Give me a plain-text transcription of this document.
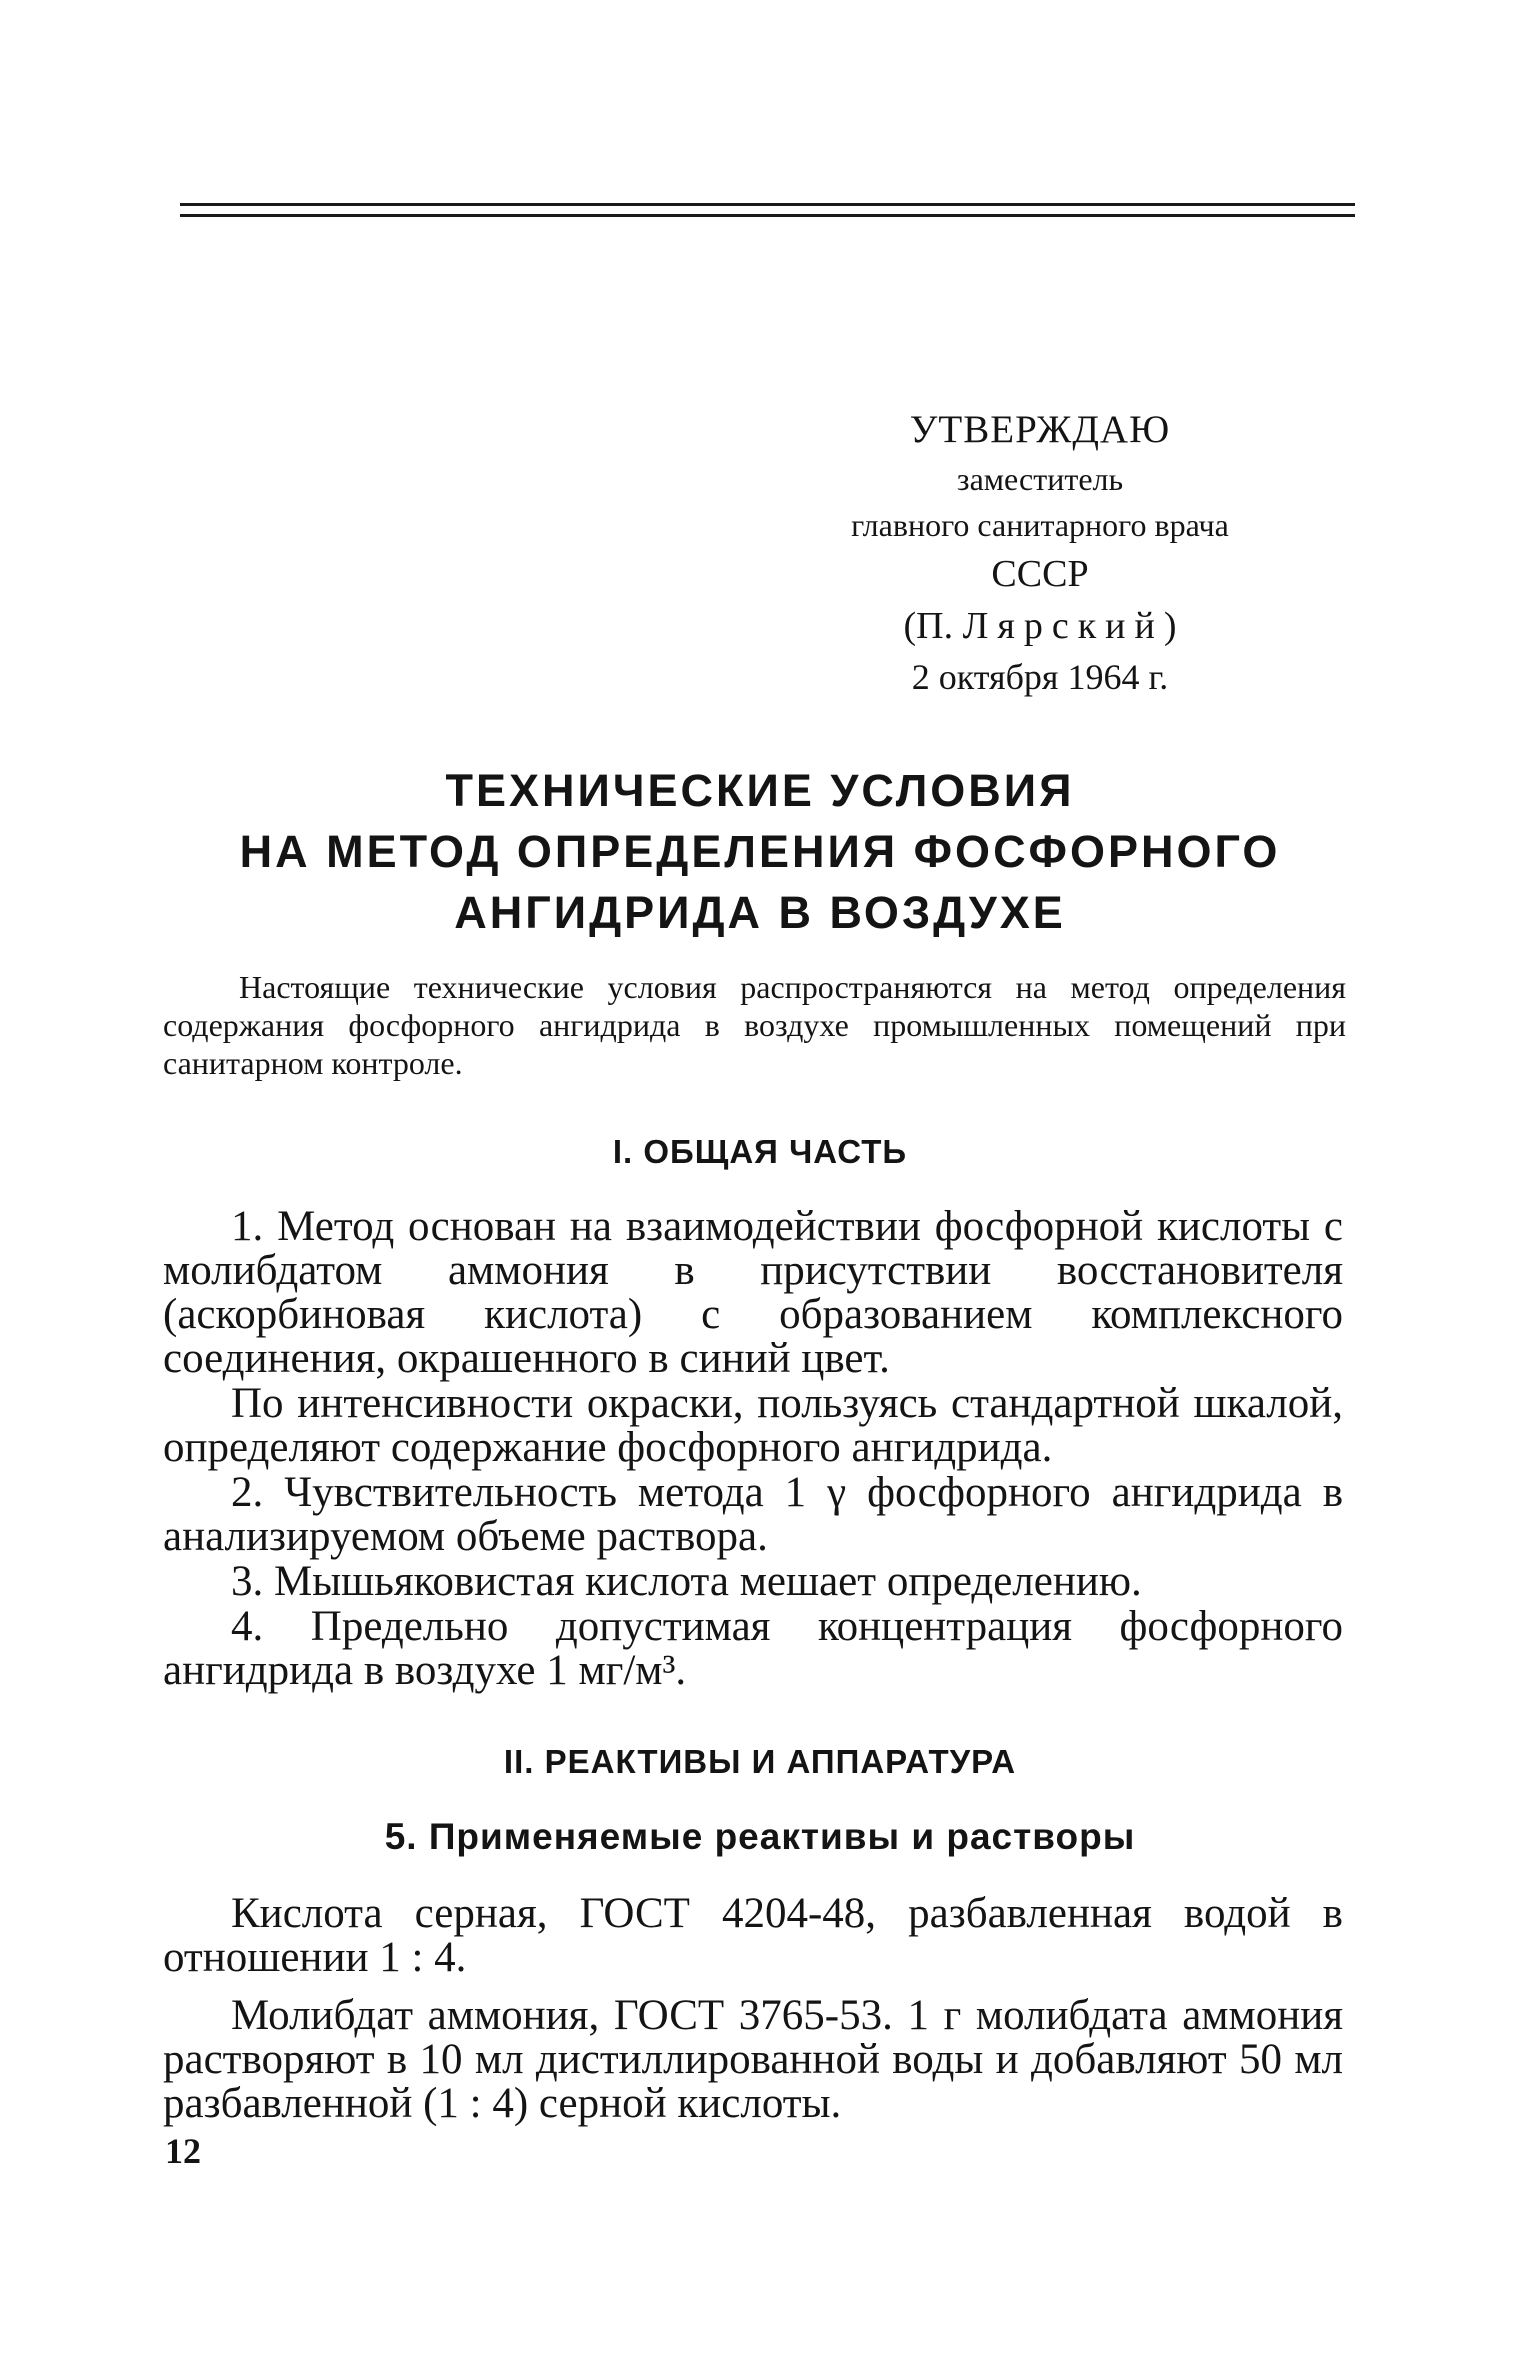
УТВЕРЖДАЮ
заместитель
главного санитарного врача
СССР
(П. Лярский)
2 октября 1964 г.
ТЕХНИЧЕСКИЕ УСЛОВИЯ
НА МЕТОД ОПРЕДЕЛЕНИЯ ФОСФОРНОГО
АНГИДРИДА В ВОЗДУХЕ

Настоящие технические условия распространяются на метод определения содержания фосфорного ангидрида в воздухе промышленных помещений при санитарном контроле.

I. ОБЩАЯ ЧАСТЬ

1. Метод основан на взаимодействии фосфорной кислоты с молибдатом аммония в присутствии восстановителя (аскорбиновая кислота) с образованием комплексного соединения, окрашенного в синий цвет.

По интенсивности окраски, пользуясь стандартной шкалой, определяют содержание фосфорного ангидрида.

2. Чувствительность метода 1 γ фосфорного ангидрида в анализируемом объеме раствора.

3. Мышьяковистая кислота мешает определению.

4. Предельно допустимая концентрация фосфорного ангидрида в воздухе 1 мг/м³.

II. РЕАКТИВЫ И АППАРАТУРА
5. Применяемые реактивы и растворы

Кислота серная, ГОСТ 4204-48, разбавленная водой в отношении 1 : 4.

Молибдат аммония, ГОСТ 3765-53. 1 г молибдата аммония растворяют в 10 мл дистиллированной воды и добавляют 50 мл разбавленной (1 : 4) серной кислоты.

12
